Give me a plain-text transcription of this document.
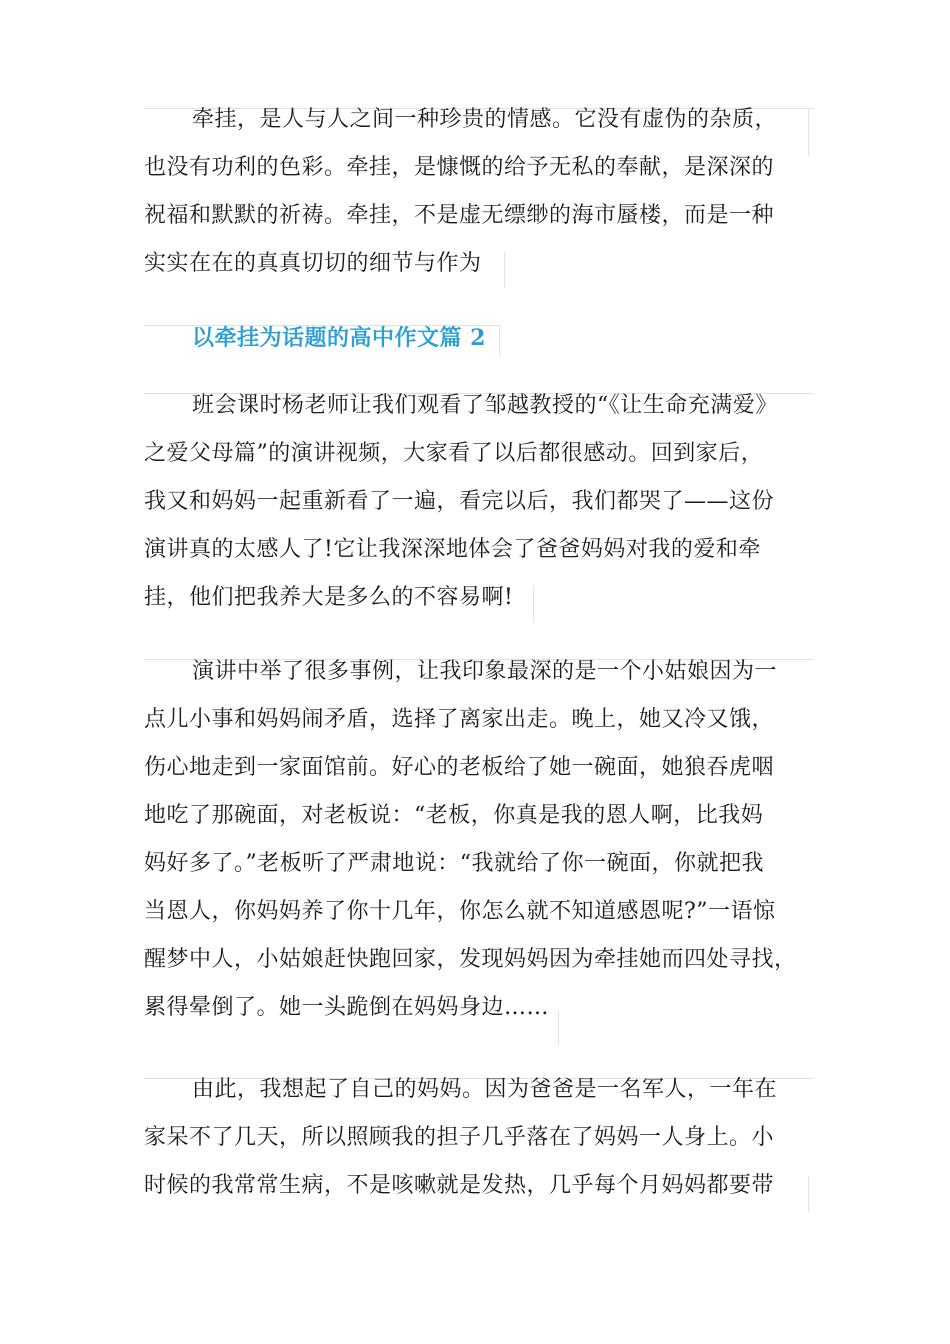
牵挂，是人与人之间一种珍贵的情感。它没有虚伪的杂质，
也没有功利的色彩。牵挂，是慷慨的给予无私的奉献，是深深的
祝福和默默的祈祷。牵挂，不是虚无缥缈的海市蜃楼，而是一种
实实在在的真真切切的细节与作为
以牵挂为话题的高中作文篇 2
班会课时杨老师让我们观看了邹越教授的“《让生命充满爱》
之爱父母篇”的演讲视频，大家看了以后都很感动。回到家后，
我又和妈妈一起重新看了一遍，看完以后，我们都哭了——这份
演讲真的太感人了!它让我深深地体会了爸爸妈妈对我的爱和牵
挂，他们把我养大是多么的不容易啊!
演讲中举了很多事例，让我印象最深的是一个小姑娘因为一
点儿小事和妈妈闹矛盾，选择了离家出走。晚上，她又冷又饿，
伤心地走到一家面馆前。好心的老板给了她一碗面，她狼吞虎咽
地吃了那碗面，对老板说：“老板，你真是我的恩人啊，比我妈
妈好多了。”老板听了严肃地说：“我就给了你一碗面，你就把我
当恩人，你妈妈养了你十几年，你怎么就不知道感恩呢?”一语惊
醒梦中人，小姑娘赶快跑回家，发现妈妈因为牵挂她而四处寻找，
累得晕倒了。她一头跪倒在妈妈身边……
由此，我想起了自己的妈妈。因为爸爸是一名军人，一年在
家呆不了几天，所以照顾我的担子几乎落在了妈妈一人身上。小
时候的我常常生病，不是咳嗽就是发热，几乎每个月妈妈都要带
